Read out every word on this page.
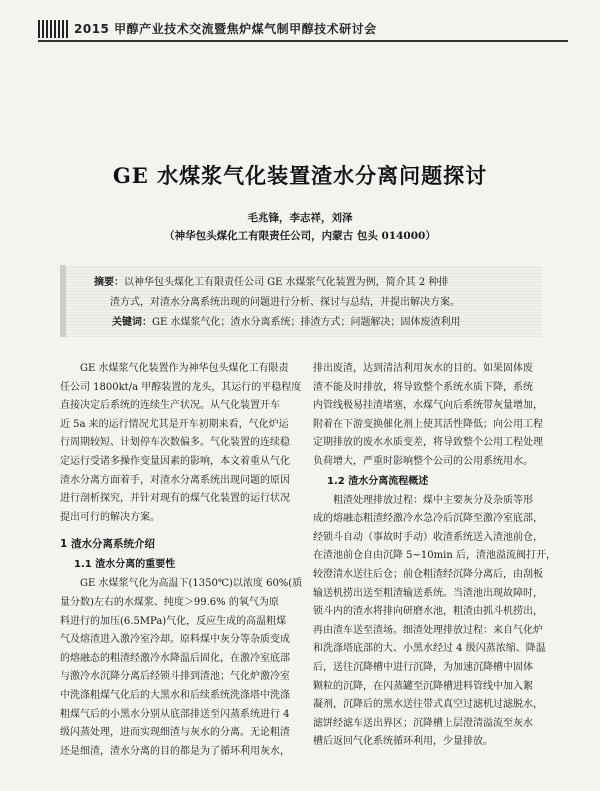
2015 甲醇产业技术交流暨焦炉煤气制甲醇技术研讨会
GE 水煤浆气化装置渣水分离问题探讨
毛兆锋，李志祥，刘泽
（神华包头煤化工有限责任公司，内蒙古 包头 014000）
摘要：以神华包头煤化工有限责任公司 GE 水煤浆气化装置为例，简介其 2 种排
渣方式，对渣水分离系统出现的问题进行分析、探讨与总结，并提出解决方案。
关键词：GE 水煤浆气化；渣水分离系统；排渣方式；问题解决；固体废渣利用
GE 水煤浆气化装置作为神华包头煤化工有限责
任公司 1800kt/a 甲醇装置的龙头，其运行的平稳程度
直接决定后系统的连续生产状况。从气化装置开车
近 5a 来的运行情况尤其是开车初期来看，气化炉运
行周期较短、计划停车次数偏多。气化装置的连续稳
定运行受诸多操作变量因素的影响，本文着重从气化
渣水分离方面着手，对渣水分离系统出现问题的原因
进行剖析探究，并针对现有的煤气化装置的运行状况
提出可行的解决方案。
1 渣水分离系统介绍
1.1 渣水分离的重要性
GE 水煤浆气化为高温下(1350℃)以浓度 60%(质
量分数)左右的水煤浆、纯度＞99.6% 的氧气为原
料进行的加压(6.5MPa)气化，反应生成的高温粗煤
气及熔渣进入激冷室冷却。原料煤中灰分等杂质变成
的熔融态的粗渣经激冷水降温后固化，在激冷室底部
与激冷水沉降分离后经锁斗排到渣池；气化炉激冷室
中洗涤粗煤气化后的大黑水和后续系统洗涤塔中洗涤
粗煤气后的小黑水分别从底部排送至闪蒸系统进行 4
级闪蒸处理，进而实现细渣与灰水的分离。无论粗渣
还是细渣，渣水分离的目的都是为了循环利用灰水，
排出废渣，达到清洁利用灰水的目的。如果固体废
渣不能及时排放，将导致整个系统水质下降，系统
内管线极易挂渣堵塞，水煤气向后系统带灰量增加，
附着在下游变换催化剂上使其活性降低；向公用工程
定期排放的废水水质变差，将导致整个公用工程处理
负荷增大，严重时影响整个公司的公用系统用水。
1.2 渣水分离流程概述
粗渣处理排放过程：煤中主要灰分及杂质等形
成的熔融态粗渣经激冷水急冷后沉降至激冷室底部，
经锁斗自动（事故时手动）收渣系统送入渣池前仓，
在渣池前仓自由沉降 5~10min 后，渣池溢流阀打开，
较澄清水送往后仓；前仓粗渣经沉降分离后，由刮板
输送机捞出送至粗渣输送系统。当渣池出现故障时，
锁斗内的渣水将排向研磨水池，粗渣由抓斗机捞出，
再由渣车送至渣场。细渣处理排放过程：来自气化炉
和洗涤塔底部的大、小黑水经过 4 级闪蒸浓缩、降温
后，送往沉降槽中进行沉降，为加速沉降槽中固体
颗粒的沉降，在闪蒸罐至沉降槽进料管线中加入絮
凝剂，沉降后的黑水送往带式真空过滤机过滤脱水，
滤饼经滤车送出界区；沉降槽上层澄清溢流至灰水
槽后返回气化系统循环利用，少量排放。
